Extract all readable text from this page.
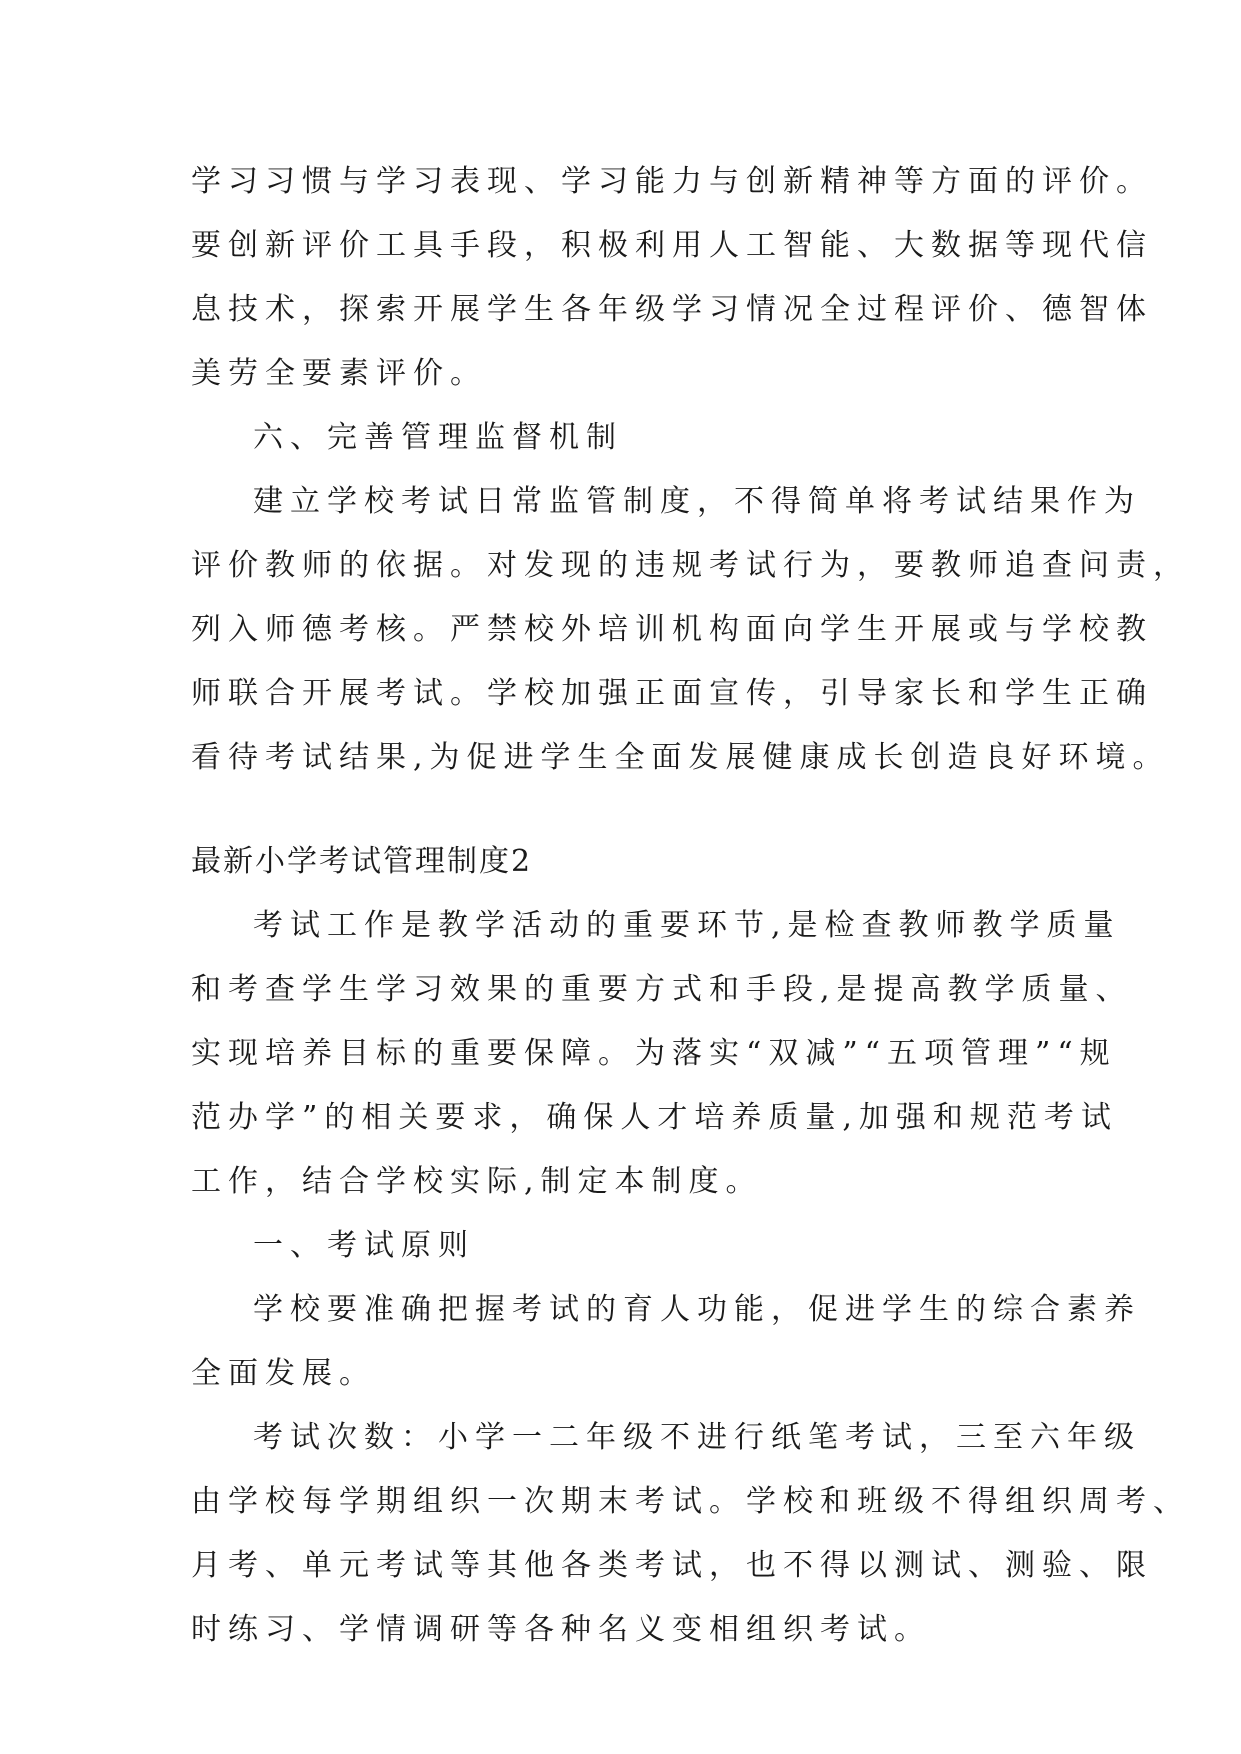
学习习惯与学习表现、学习能力与创新精神等方面的评价。

要创新评价工具手段，积极利用人工智能、大数据等现代信

息技术，探索开展学生各年级学习情况全过程评价、德智体

美劳全要素评价。

六、完善管理监督机制

建立学校考试日常监管制度，不得简单将考试结果作为

评价教师的依据。对发现的违规考试行为，要教师追查问责，

列入师德考核。严禁校外培训机构面向学生开展或与学校教

师联合开展考试。学校加强正面宣传，引导家长和学生正确

看待考试结果,为促进学生全面发展健康成长创造良好环境。

最新小学考试管理制度2

考试工作是教学活动的重要环节,是检查教师教学质量

和考查学生学习效果的重要方式和手段,是提高教学质量、

实现培养目标的重要保障。为落实“双减”“五项管理”“规

范办学”的相关要求，确保人才培养质量,加强和规范考试

工作，结合学校实际,制定本制度。

一、考试原则

学校要准确把握考试的育人功能，促进学生的综合素养

全面发展。

考试次数：小学一二年级不进行纸笔考试，三至六年级

由学校每学期组织一次期末考试。学校和班级不得组织周考、

月考、单元考试等其他各类考试，也不得以测试、测验、限

时练习、学情调研等各种名义变相组织考试。
